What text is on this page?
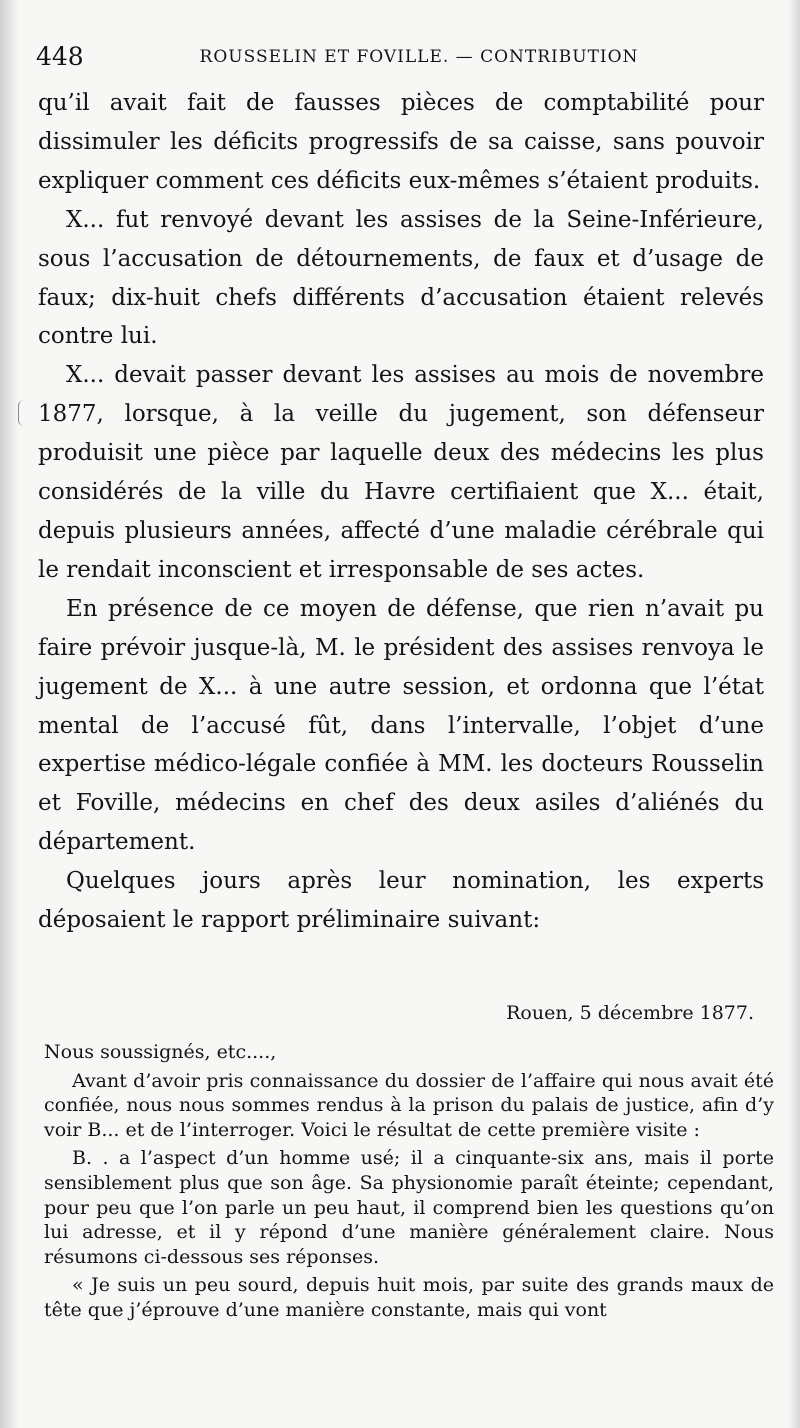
448	ROUSSELIN ET FOVILLE. — CONTRIBUTION

qu’il avait fait de fausses pièces de comptabilité pour dissimuler les déficits progressifs de sa caisse, sans pouvoir expliquer comment ces déficits eux-mêmes s’étaient produits.

X... fut renvoyé devant les assises de la Seine-Inférieure, sous l’accusation de détournements, de faux et d’usage de faux; dix-huit chefs différents d’accusation étaient relevés contre lui.

X... devait passer devant les assises au mois de novembre 1877, lorsque, à la veille du jugement, son défenseur produisit une pièce par laquelle deux des médecins les plus considérés de la ville du Havre certifiaient que X... était, depuis plusieurs années, affecté d’une maladie cérébrale qui le rendait inconscient et irresponsable de ses actes.

En présence de ce moyen de défense, que rien n’avait pu faire prévoir jusque-là, M. le président des assises renvoya le jugement de X... à une autre session, et ordonna que l’état mental de l’accusé fût, dans l’intervalle, l’objet d’une expertise médico-légale confiée à MM. les docteurs Rousselin et Foville, médecins en chef des deux asiles d’aliénés du département.

Quelques jours après leur nomination, les experts déposaient le rapport préliminaire suivant:

Rouen, 5 décembre 1877.

Nous soussignés, etc....,

Avant d’avoir pris connaissance du dossier de l’affaire qui nous avait été confiée, nous nous sommes rendus à la prison du palais de justice, afin d’y voir B... et de l’interroger. Voici le résultat de cette première visite :

B. . a l’aspect d’un homme usé; il a cinquante-six ans, mais il porte sensiblement plus que son âge. Sa physionomie paraît éteinte; cependant, pour peu que l’on parle un peu haut, il comprend bien les questions qu’on lui adresse, et il y répond d’une manière généralement claire. Nous résumons ci-dessous ses réponses.

« Je suis un peu sourd, depuis huit mois, par suite des grands maux de tête que j’éprouve d’une manière constante, mais qui vont
